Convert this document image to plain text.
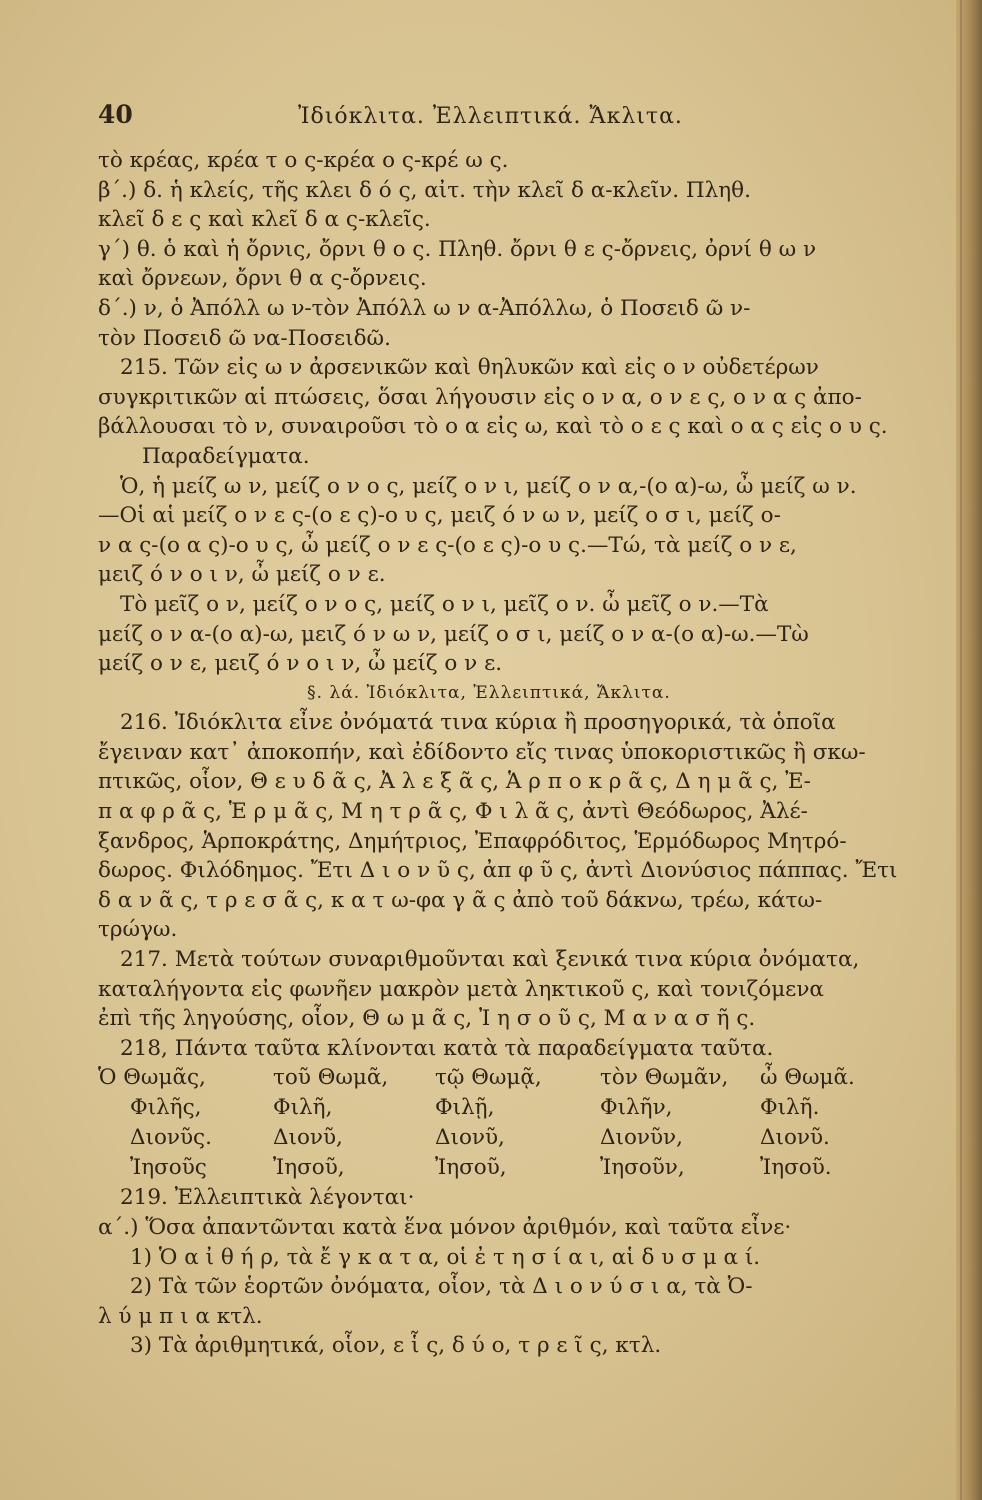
40	Ἰδιόκλιτα. Ἐλλειπτικά. Ἄκλιτα.
τὸ κρέας, κρέα τ ο ς-κρέα ο ς-κρέ ω ς.
β΄.) δ. ἡ κλείς, τῆς κλει δ ό ς, αἰτ. τὴν κλεῖ δ α-κλεῖν. Πληθ.
κλεῖ δ ε ς καὶ κλεῖ δ α ς-κλεῖς.
γ΄) θ. ὁ καὶ ἡ ὄρνις, ὄρνι θ ο ς. Πληθ. ὄρνι θ ε ς-ὄρνεις, ὀρνί θ ω ν
καὶ ὄρνεων, ὄρνι θ α ς-ὄρνεις.
δ΄.) ν, ὁ Ἀπόλλ ω ν-τὸν Ἀπόλλ ω ν α-Ἀπόλλω, ὁ Ποσειδ ῶ ν-
τὸν Ποσειδ ῶ να-Ποσειδῶ.
215. Τῶν εἰς ω ν ἀρσενικῶν καὶ θηλυκῶν καὶ εἰς ο ν οὐδετέρων
συγκριτικῶν αἱ πτώσεις, ὅσαι λήγουσιν εἰς ο ν α, ο ν ε ς, ο ν α ς ἀπο-
βάλλουσαι τὸ ν, συναιροῦσι τὸ ο α εἰς ω, καὶ τὸ ο ε ς καὶ ο α ς εἰς ο υ ς.
Παραδείγματα.
Ὁ, ἡ μείζ ω ν, μείζ ο ν ο ς, μείζ ο ν ι, μείζ ο ν α,-(ο α)-ω, ὦ μείζ ω ν.
—Οἱ αἱ μείζ ο ν ε ς-(ο ε ς)-ο υ ς, μειζ ό ν ω ν, μείζ ο σ ι, μείζ ο-
ν α ς-(ο α ς)-ο υ ς, ὦ μείζ ο ν ε ς-(ο ε ς)-ο υ ς.—Τώ, τὰ μείζ ο ν ε,
μειζ ό ν ο ι ν, ὦ μείζ ο ν ε.
Τὸ μεῖζ ο ν, μείζ ο ν ο ς, μείζ ο ν ι, μεῖζ ο ν. ὦ μεῖζ ο ν.—Τὰ
μείζ ο ν α-(ο α)-ω, μειζ ό ν ω ν, μείζ ο σ ι, μείζ ο ν α-(ο α)-ω.—Τὼ
μείζ ο ν ε, μειζ ό ν ο ι ν, ὦ μείζ ο ν ε.
§. λά. Ἰδιόκλιτα, Ἐλλειπτικά, Ἄκλιτα.
216. Ἰδιόκλιτα εἶνε ὀνόματά τινα κύρια ἢ προσηγορικά, τὰ ὁποῖα
ἔγειναν κατ᾿ ἀποκοπήν, καὶ ἐδίδοντο εἴς τινας ὑποκοριστικῶς ἢ σκω-
πτικῶς, οἷον, Θ ε υ δ ᾶ ς, Ἀ λ ε ξ ᾶ ς, Ἁ ρ π ο κ ρ ᾶ ς, Δ η μ ᾶ ς, Ἐ-
π α φ ρ ᾶ ς, Ἑ ρ μ ᾶ ς, Μ η τ ρ ᾶ ς, Φ ι λ ᾶ ς, ἀντὶ Θεόδωρος, Ἀλέ-
ξανδρος, Ἁρποκράτης, Δημήτριος, Ἐπαφρόδιτος, Ἑρμόδωρος Μητρό-
δωρος. Φιλόδημος. Ἔτι Δ ι ο ν ῦ ς, ἀπ φ ῦ ς, ἀντὶ Διονύσιος πάππας. Ἔτι
δ α ν ᾶ ς, τ ρ ε σ ᾶ ς, κ α τ ω-φα γ ᾶ ς ἀπὸ τοῦ δάκνω, τρέω, κάτω-
τρώγω.
217. Μετὰ τούτων συναριθμοῦνται καὶ ξενικά τινα κύρια ὀνόματα,
καταλήγοντα εἰς φωνῆεν μακρὸν μετὰ ληκτικοῦ ς, καὶ τονιζόμενα
ἐπὶ τῆς ληγούσης, οἷον, Θ ω μ ᾶ ς, Ἰ η σ ο ῦ ς, Μ α ν α σ ῆ ς.
218, Πάντα ταῦτα κλίνονται κατὰ τὰ παραδείγματα ταῦτα.
Ὁ Θωμᾶς,	τοῦ Θωμᾶ,	τῷ Θωμᾷ,	τὸν Θωμᾶν,	ὦ Θωμᾶ.
Φιλῆς,	Φιλῆ,	Φιλῇ,	Φιλῆν,	Φιλῆ.
Διονῦς.	Διονῦ,	Διονῦ,	Διονῦν,	Διονῦ.
Ἰησοῦς	Ἰησοῦ,	Ἰησοῦ,	Ἰησοῦν,	Ἰησοῦ.
219. Ἐλλειπτικὰ λέγονται·
α΄.) Ὅσα ἀπαντῶνται κατὰ ἕνα μόνον ἀριθμόν, καὶ ταῦτα εἶνε·
1) Ὁ α ἰ θ ή ρ, τὰ ἔ γ κ α τ α, οἱ ἐ τ η σ ί α ι, αἱ δ υ σ μ α ί.
2) Τὰ τῶν ἑορτῶν ὀνόματα, οἷον, τὰ Δ ι ο ν ύ σ ι α, τὰ Ὀ-
λ ύ μ π ι α κτλ.
3) Τὰ ἀριθμητικά, οἷον, ε ἷ ς, δ ύ ο, τ ρ ε ῖ ς, κτλ.
